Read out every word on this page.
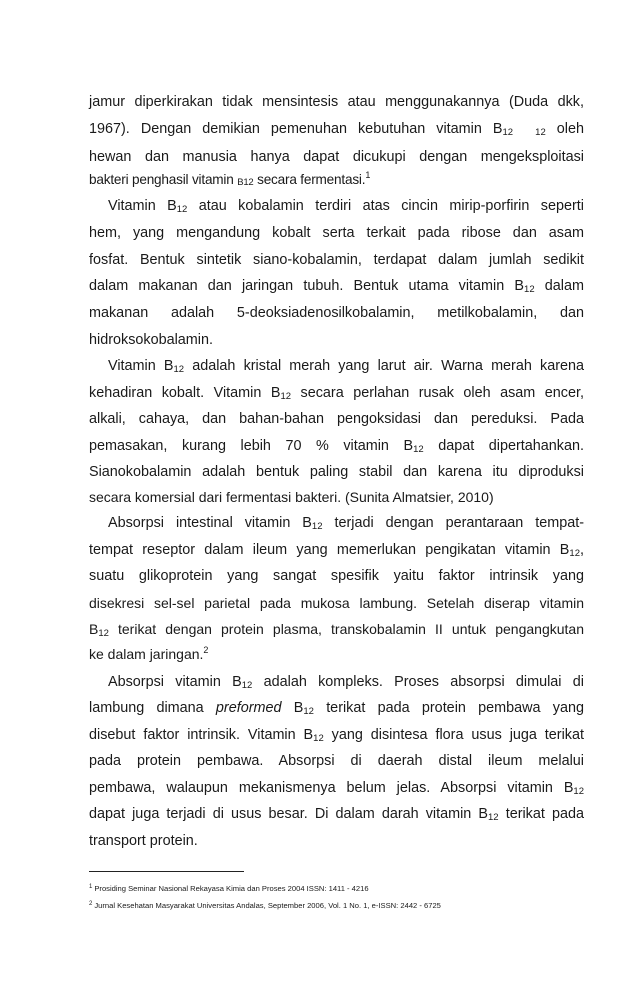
jamur diperkirakan tidak mensintesis atau menggunakannya (Duda dkk,
1967). Dengan demikian pemenuhan kebutuhan vitamin B12 12 oleh
hewan dan manusia hanya dapat dicukupi dengan mengeksploitasi
bakteri penghasil vitamin B12 secara fermentasi.$^1$
Vitamin B12 atau kobalamin terdiri atas cincin mirip-porfirin seperti
hem, yang mengandung kobalt serta terkait pada ribose dan asam
fosfat. Bentuk sintetik siano-kobalamin, terdapat dalam jumlah sedikit
dalam makanan dan jaringan tubuh. Bentuk utama vitamin B12 dalam
makanan adalah 5-deoksiadenosilkobalamin, metilkobalamin, dan
hidroksokobalamin.
Vitamin B12 adalah kristal merah yang larut air. Warna merah karena
kehadiran kobalt. Vitamin B12 secara perlahan rusak oleh asam encer,
alkali, cahaya, dan bahan-bahan pengoksidasi dan pereduksi. Pada
pemasakan, kurang lebih 70 % vitamin B12 dapat dipertahankan.
Sianokobalamin adalah bentuk paling stabil dan karena itu diproduksi
secara komersial dari fermentasi bakteri. (Sunita Almatsier, 2010)
Absorpsi intestinal vitamin B12 terjadi dengan perantaraan tempat-
tempat reseptor dalam ileum yang memerlukan pengikatan vitamin B12,
suatu glikoprotein yang sangat spesifik yaitu faktor intrinsik yang
disekresi sel-sel parietal pada mukosa lambung. Setelah diserap vitamin
B12 terikat dengan protein plasma, transkobalamin II untuk pengangkutan
ke dalam jaringan.$^2$
Absorpsi vitamin B12 adalah kompleks. Proses absorpsi dimulai di
lambung dimana preformed B12 terikat pada protein pembawa yang
disebut faktor intrinsik. Vitamin B12 yang disintesa flora usus juga terikat
pada protein pembawa. Absorpsi di daerah distal ileum melalui
pembawa, walaupun mekanismenya belum jelas. Absorpsi vitamin B12
dapat juga terjadi di usus besar. Di dalam darah vitamin B12 terikat pada
transport protein.
$^1$ Prosiding Seminar Nasional Rekayasa Kimia dan Proses 2004 ISSN: 1411 - 4216
$^2$ Jurnal Kesehatan Masyarakat Universitas Andalas, September 2006, Vol. 1 No. 1, e-ISSN: 2442 - 6725
